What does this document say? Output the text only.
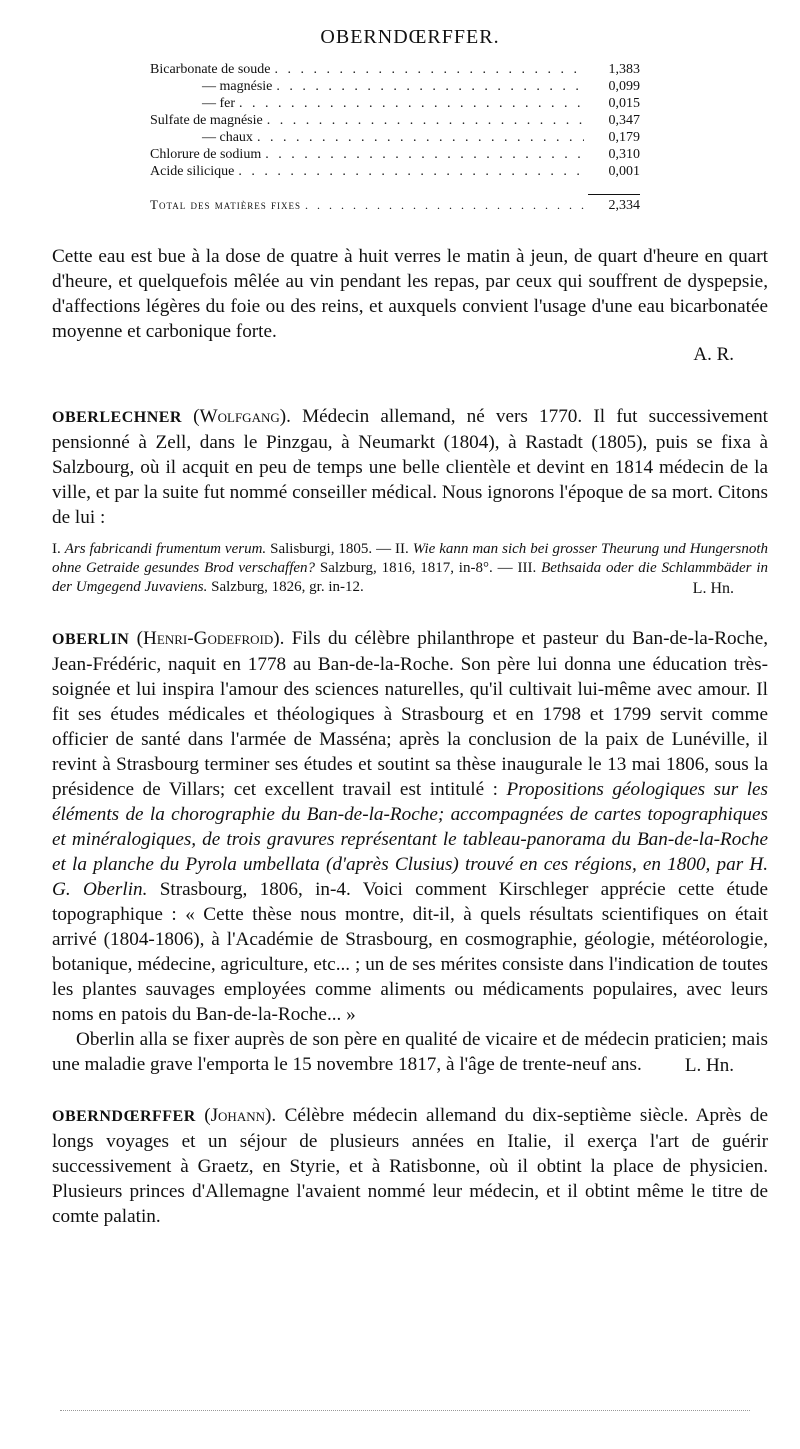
OBERNDŒRFFER.
Bicarbonate de soude . . .	1,383
— magnésie . . .	0,099
— fer . . .	0,015
Sulfate de magnésie . . .	0,347
— chaux . . .	0,179
Chlorure de sodium . . .	0,310
Acide silicique . . .	0,001
Total des matières fixes . . .	2,334

Cette eau est bue à la dose de quatre à huit verres le matin à jeun, de quart d'heure en quart d'heure, et quelquefois mêlée au vin pendant les repas, par ceux qui souffrent de dyspepsie, d'affections légères du foie ou des reins, et auxquels convient l'usage d'une eau bicarbonatée moyenne et carbonique forte.

A. R.

OBERLECHNER (Wolfgang). Médecin allemand, né vers 1770. Il fut successivement pensionné à Zell, dans le Pinzgau, à Neumarkt (1804), à Rastadt (1805), puis se fixa à Salzbourg, où il acquit en peu de temps une belle clientèle et devint en 1814 médecin de la ville, et par la suite fut nommé conseiller médical. Nous ignorons l'époque de sa mort. Citons de lui :

I. Ars fabricandi frumentum verum. Salisburgi, 1805. — II. Wie kann man sich bei grosser Theurung und Hungersnoth ohne Getraide gesundes Brod verschaffen? Salzburg, 1816, 1817, in-8°. — III. Bethsaida oder die Schlammbäder in der Umgegend Juvaviens. Salzburg, 1826, gr. in-12.	L. Hn.

OBERLIN (Henri-Godefroid). Fils du célèbre philanthrope et pasteur du Ban-de-la-Roche, Jean-Frédéric, naquit en 1778 au Ban-de-la-Roche. Son père lui donna une éducation très-soignée et lui inspira l'amour des sciences naturelles, qu'il cultivait lui-même avec amour. Il fit ses études médicales et théologiques à Strasbourg et en 1798 et 1799 servit comme officier de santé dans l'armée de Masséna; après la conclusion de la paix de Lunéville, il revint à Strasbourg terminer ses études et soutint sa thèse inaugurale le 13 mai 1806, sous la présidence de Villars; cet excellent travail est intitulé : Propositions géologiques sur les éléments de la chorographie du Ban-de-la-Roche; accompagnées de cartes topographiques et minéralogiques, de trois gravures représentant le tableau-panorama du Ban-de-la-Roche et la planche du Pyrola umbellata (d'après Clusius) trouvé en ces régions, en 1800, par H. G. Oberlin. Strasbourg, 1806, in-4. Voici comment Kirschleger apprécie cette étude topographique : « Cette thèse nous montre, dit-il, à quels résultats scientifiques on était arrivé (1804-1806), à l'Académie de Strasbourg, en cosmographie, géologie, météorologie, botanique, médecine, agriculture, etc... ; un de ses mérites consiste dans l'indication de toutes les plantes sauvages employées comme aliments ou médicaments populaires, avec leurs noms en patois du Ban-de-la-Roche... »

Oberlin alla se fixer auprès de son père en qualité de vicaire et de médecin praticien; mais une maladie grave l'emporta le 15 novembre 1817, à l'âge de trente-neuf ans.	L. Hn.

OBERNDŒRFFER (Johann). Célèbre médecin allemand du dix-septième siècle. Après de longs voyages et un séjour de plusieurs années en Italie, il exerça l'art de guérir successivement à Graetz, en Styrie, et à Ratisbonne, où il obtint la place de physicien. Plusieurs princes d'Allemagne l'avaient nommé leur médecin, et il obtint même le titre de comte palatin.
